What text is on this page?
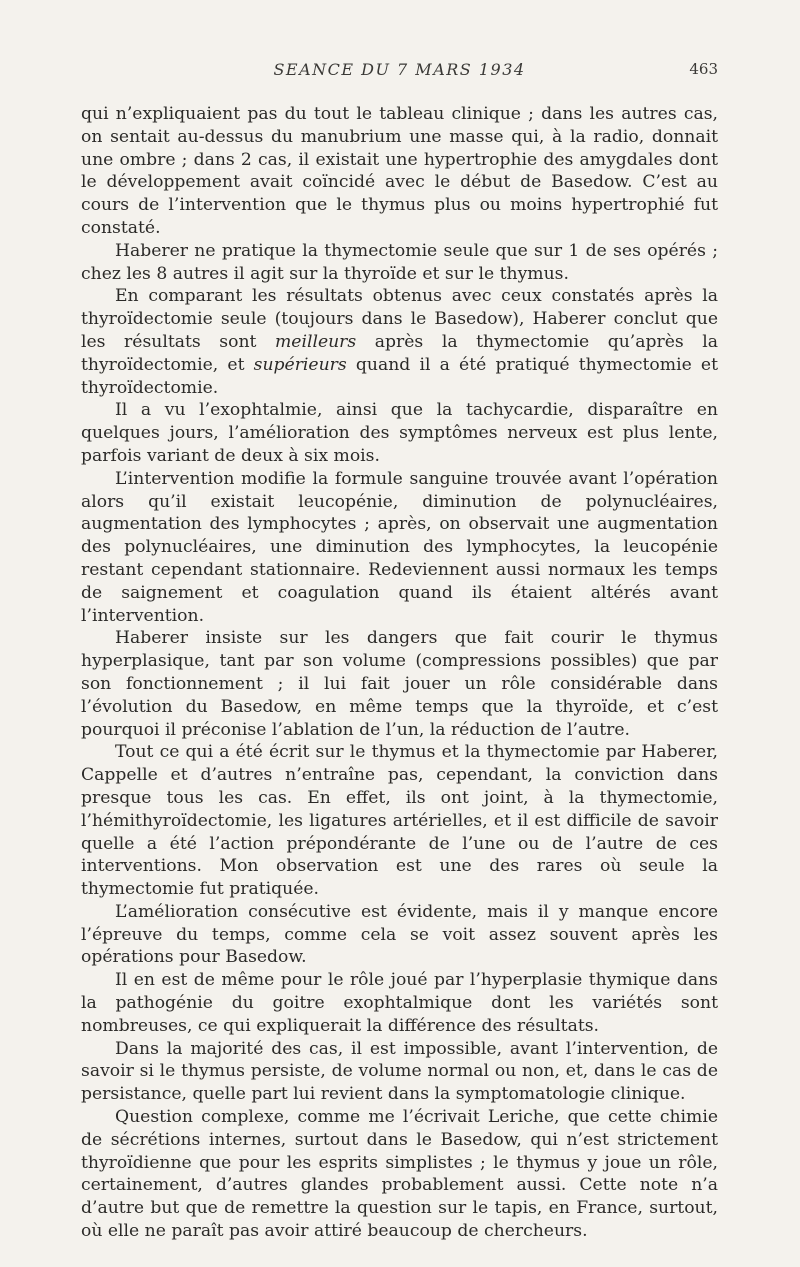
SEANCE DU 7 MARS 1934	463

qui n’expliquaient pas du tout le tableau clinique ; dans les autres cas, on sentait au-dessus du manubrium une masse qui, à la radio, donnait une ombre ; dans 2 cas, il existait une hypertrophie des amygdales dont le développement avait coïncidé avec le début de Basedow. C’est au cours de l’intervention que le thymus plus ou moins hypertrophié fut constaté.

Haberer ne pratique la thymectomie seule que sur 1 de ses opérés ; chez les 8 autres il agit sur la thyroïde et sur le thymus.

En comparant les résultats obtenus avec ceux constatés après la thyroïdectomie seule (toujours dans le Basedow), Haberer conclut que les résultats sont meilleurs après la thymectomie qu’après la thyroïdectomie, et supérieurs quand il a été pratiqué thymectomie et thyroïdectomie.

Il a vu l’exophtalmie, ainsi que la tachycardie, disparaître en quelques jours, l’amélioration des symptômes nerveux est plus lente, parfois variant de deux à six mois.

L’intervention modifie la formule sanguine trouvée avant l’opération alors qu’il existait leucopénie, diminution de polynucléaires, augmentation des lymphocytes ; après, on observait une augmentation des polynucléaires, une diminution des lymphocytes, la leucopénie restant cependant stationnaire. Redeviennent aussi normaux les temps de saignement et coagulation quand ils étaient altérés avant l’intervention.

Haberer insiste sur les dangers que fait courir le thymus hyperplasique, tant par son volume (compressions possibles) que par son fonctionnement ; il lui fait jouer un rôle considérable dans l’évolution du Basedow, en même temps que la thyroïde, et c’est pourquoi il préconise l’ablation de l’un, la réduction de l’autre.

Tout ce qui a été écrit sur le thymus et la thymectomie par Haberer, Cappelle et d’autres n’entraîne pas, cependant, la conviction dans presque tous les cas. En effet, ils ont joint, à la thymectomie, l’hémithyroïdectomie, les ligatures artérielles, et il est difficile de savoir quelle a été l’action prépondérante de l’une ou de l’autre de ces interventions. Mon observation est une des rares où seule la thymectomie fut pratiquée.

L’amélioration consécutive est évidente, mais il y manque encore l’épreuve du temps, comme cela se voit assez souvent après les opérations pour Basedow.

Il en est de même pour le rôle joué par l’hyperplasie thymique dans la pathogénie du goitre exophtalmique dont les variétés sont nombreuses, ce qui expliquerait la différence des résultats.

Dans la majorité des cas, il est impossible, avant l’intervention, de savoir si le thymus persiste, de volume normal ou non, et, dans le cas de persistance, quelle part lui revient dans la symptomatologie clinique.

Question complexe, comme me l’écrivait Leriche, que cette chimie de sécrétions internes, surtout dans le Basedow, qui n’est strictement thyroïdienne que pour les esprits simplistes ; le thymus y joue un rôle, certainement, d’autres glandes probablement aussi. Cette note n’a d’autre but que de remettre la question sur le tapis, en France, surtout, où elle ne paraît pas avoir attiré beaucoup de chercheurs.
